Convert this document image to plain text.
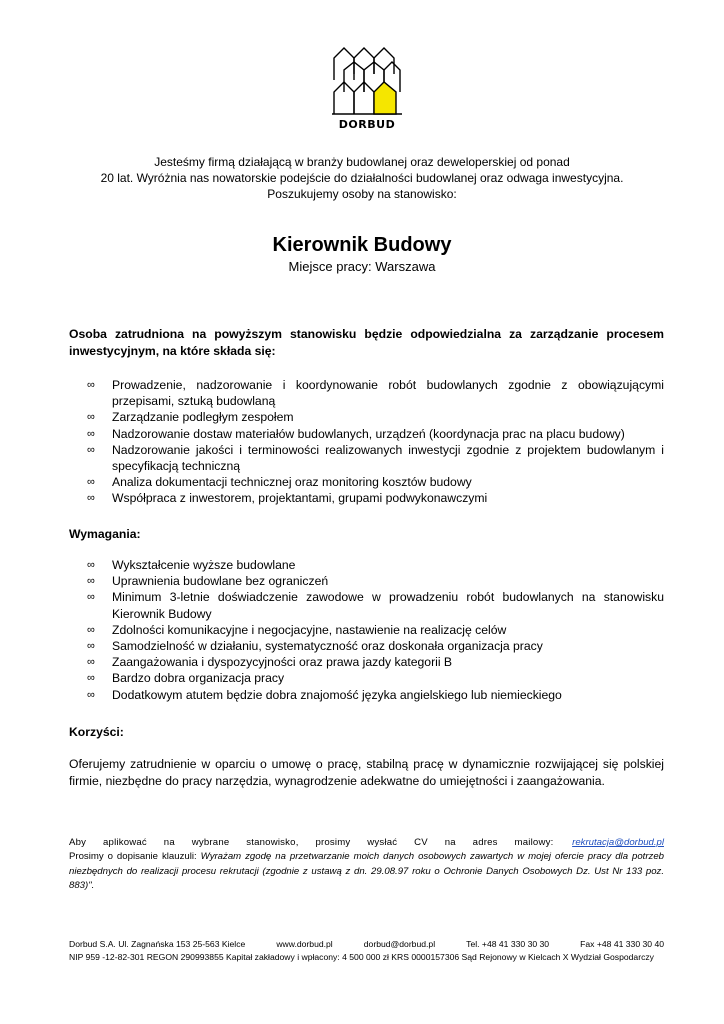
DORBUD
Jesteśmy firmą działającą w branży budowlanej oraz deweloperskiej od ponad
20 lat. Wyróżnia nas nowatorskie podejście do działalności budowlanej oraz odwaga inwestycyjna.
Poszukujemy osoby na stanowisko:
Kierownik Budowy
Miejsce pracy: Warszawa
Osoba zatrudniona na powyższym stanowisku będzie odpowiedzialna za zarządzanie procesem inwestycyjnym, na które składa się:
∞ Prowadzenie, nadzorowanie i koordynowanie robót budowlanych zgodnie z obowiązującymi przepisami, sztuką budowlaną
∞ Zarządzanie podległym zespołem
∞ Nadzorowanie dostaw materiałów budowlanych, urządzeń (koordynacja prac na placu budowy)
∞ Nadzorowanie jakości i terminowości realizowanych inwestycji zgodnie z projektem budowlanym i specyfikacją techniczną
∞ Analiza dokumentacji technicznej oraz monitoring kosztów budowy
∞ Współpraca z inwestorem, projektantami, grupami podwykonawczymi
Wymagania:
∞ Wykształcenie wyższe budowlane
∞ Uprawnienia budowlane bez ograniczeń
∞ Minimum 3-letnie doświadczenie zawodowe w prowadzeniu robót budowlanych na stanowisku Kierownik Budowy
∞ Zdolności komunikacyjne i negocjacyjne, nastawienie na realizację celów
∞ Samodzielność w działaniu, systematyczność oraz doskonała organizacja pracy
∞ Zaangażowania i dyspozycyjności oraz prawa jazdy kategorii B
∞ Bardzo dobra organizacja pracy
∞ Dodatkowym atutem będzie dobra znajomość języka angielskiego lub niemieckiego
Korzyści:
Oferujemy zatrudnienie w oparciu o umowę o pracę, stabilną pracę w dynamicznie rozwijającej się polskiej firmie, niezbędne do pracy narzędzia, wynagrodzenie adekwatne do umiejętności i zaangażowania.
rekrutacja@dorbud.pl
Aby aplikować na wybrane stanowisko, prosimy wysłać CV na adres mailowy:
Prosimy o dopisanie klauzuli: Wyrażam zgodę na przetwarzanie moich danych osobowych zawartych w mojej ofercie pracy dla potrzeb niezbędnych do realizacji procesu rekrutacji (zgodnie z ustawą z dn. 29.08.97 roku o Ochronie Danych Osobowych Dz. Ust Nr 133 poz. 883)".
Dorbud S.A. Ul. Zagnańska 153 25-563 Kielce	www.dorbud.pl	dorbud@dorbud.pl	Tel. +48 41 330 30 30	Fax +48 41 330 30 40
NIP 959 -12-82-301 REGON 290993855 Kapitał zakładowy i wpłacony: 4 500 000 zł KRS 0000157306 Sąd Rejonowy w Kielcach X Wydział Gospodarczy
